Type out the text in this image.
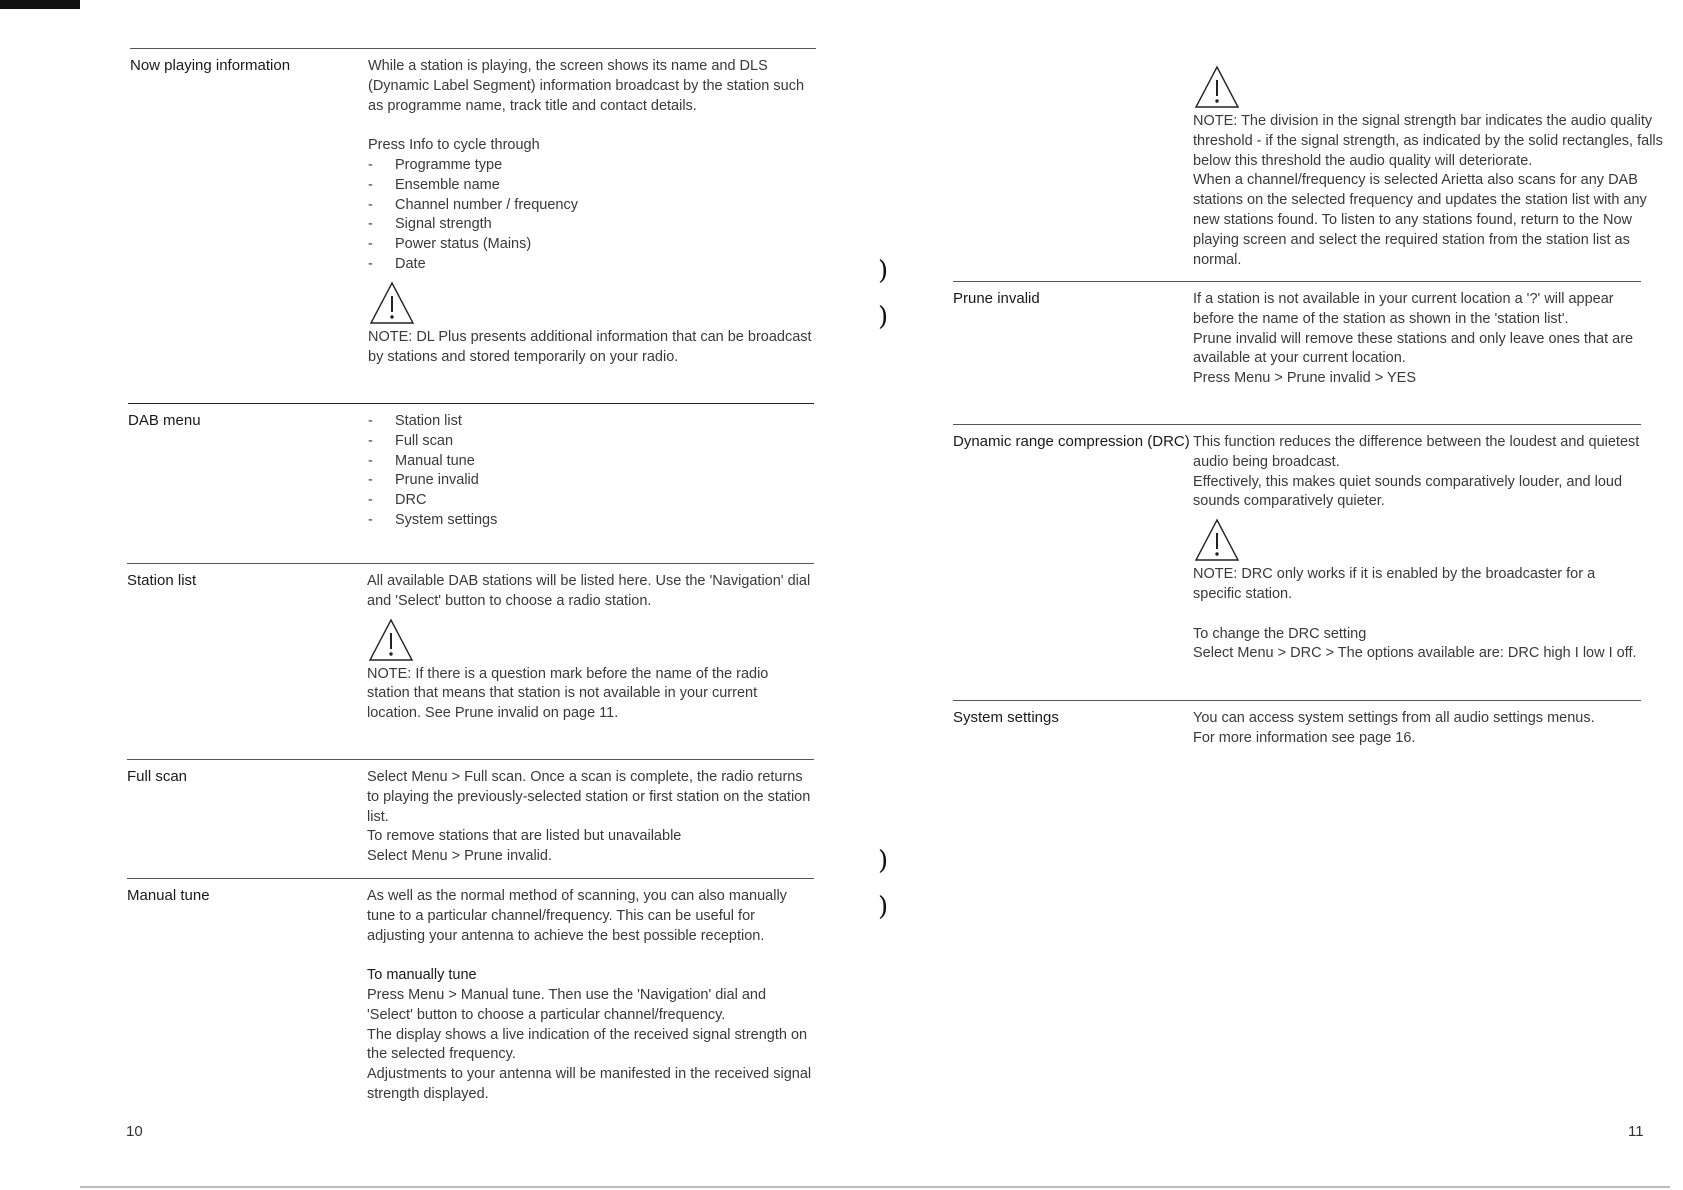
Now playing information	While a station is playing, the screen shows its name and DLS (Dynamic Label Segment) information broadcast by the station such as programme name, track title and contact details.

Press Info to cycle through

- Programme type
- Ensemble name
- Channel number / frequency
- Signal strength
- Power status (Mains)
- Date

NOTE: DL Plus presents additional information that can be broadcast by stations and stored temporarily on your radio.

DAB menu
-	Station list
- Full scan
- Manual tune
- Prune invalid
- DRC
- System settings
Station list	All available DAB stations will be listed here. Use the 'Navigation' dial and 'Select' button to choose a radio station.

NOTE: If there is a question mark before the name of the radio station that means that station is not available in your current location. See Prune invalid on page 11.

Full scan	Select Menu > Full scan. Once a scan is complete, the radio returns to playing the previously-selected station or first station on the station list.

To remove stations that are listed but unavailable

Select Menu > Prune invalid.

Manual tune	As well as the normal method of scanning, you can also manually tune to a particular channel/frequency. This can be useful for adjusting your antenna to achieve the best possible reception.

To manually tune

Press Menu > Manual tune. Then use the 'Navigation' dial and 'Select' button to choose a particular channel/frequency.

The display shows a live indication of the received signal strength on the selected frequency.

Adjustments to your antenna will be manifested in the received signal strength displayed.

10
)
)
)
)

NOTE: The division in the signal strength bar indicates the audio quality threshold - if the signal strength, as indicated by the solid rectangles, falls below this threshold the audio quality will deteriorate.

When a channel/frequency is selected Arietta also scans for any DAB stations on the selected frequency and updates the station list with any new stations found. To listen to any stations found, return to the Now playing screen and select the required station from the station list as normal.

Prune invalid	If a station is not available in your current location a '?' will appear before the name of the station as shown in the 'station list'.

Prune invalid will remove these stations and only leave ones that are available at your current location.

Press Menu > Prune invalid > YES

Dynamic range compression (DRC) This function reduces the difference between the loudest and quietest audio being broadcast.

Effectively, this makes quiet sounds comparatively louder, and loud sounds comparatively quieter.

NOTE: DRC only works if it is enabled by the broadcaster for a specific station.

To change the DRC setting

Select Menu > DRC > The options available are: DRC high I low I off.

System settings	You can access system settings from all audio settings menus.

For more information see page 16.

11
